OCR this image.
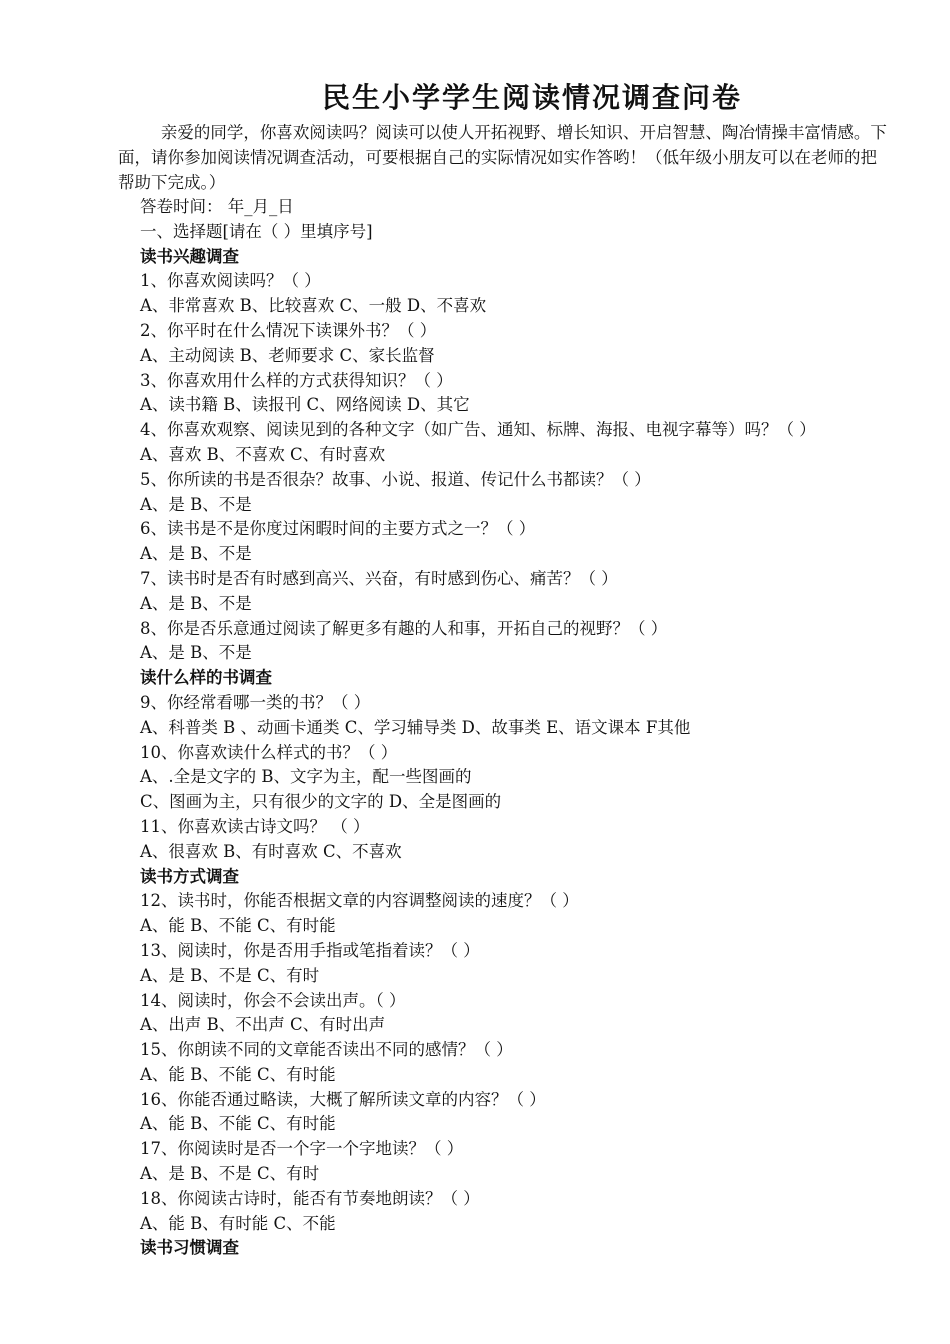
民生小学学生阅读情况调查问卷

亲爱的同学，你喜欢阅读吗？阅读可以使人开拓视野、增长知识、开启智慧、陶冶情操丰富情感。下面，请你参加阅读情况调查活动，可要根据自己的实际情况如实作答哟！（低年级小朋友可以在老师的把帮助下完成。）

答卷时间： 年_月_日
一、选择题[请在（ ）里填序号]
读书兴趣调查
1、你喜欢阅读吗？（ ）
A、非常喜欢 B、比较喜欢 C、一般 D、不喜欢
2、你平时在什么情况下读课外书？（ ）
A、主动阅读 B、老师要求 C、家长监督
3、你喜欢用什么样的方式获得知识？（ ）
A、读书籍 B、读报刊 C、网络阅读 D、其它
4、你喜欢观察、阅读见到的各种文字（如广告、通知、标牌、海报、电视字幕等）吗？（ ）
A、喜欢 B、不喜欢 C、有时喜欢
5、你所读的书是否很杂？故事、小说、报道、传记什么书都读？（ ）
A、是 B、不是
6、读书是不是你度过闲暇时间的主要方式之一？（ ）
A、是 B、不是
7、读书时是否有时感到高兴、兴奋，有时感到伤心、痛苦？（ ）
A、是 B、不是
8、你是否乐意通过阅读了解更多有趣的人和事，开拓自己的视野？（ ）
A、是 B、不是
读什么样的书调查
9、你经常看哪一类的书？（ ）
A、科普类 B 、动画卡通类 C、学习辅导类 D、故事类 E、语文课本 F其他
10、你喜欢读什么样式的书？（ ）
A、.全是文字的 B、文字为主，配一些图画的
C、图画为主，只有很少的文字的 D、全是图画的
11、你喜欢读古诗文吗？ （ ）
A、很喜欢 B、有时喜欢 C、不喜欢
读书方式调查
12、读书时，你能否根据文章的内容调整阅读的速度？（ ）
A、能 B、不能 C、有时能
13、阅读时，你是否用手指或笔指着读？（ ）
A、是 B、不是 C、有时
14、阅读时，你会不会读出声。（ ）
A、出声 B、不出声 C、有时出声
15、你朗读不同的文章能否读出不同的感情？（ ）
A、能 B、不能 C、有时能
16、你能否通过略读，大概了解所读文章的内容？（ ）
A、能 B、不能 C、有时能
17、你阅读时是否一个字一个字地读？（ ）
A、是 B、不是 C、有时
18、你阅读古诗时，能否有节奏地朗读？（ ）
A、能 B、有时能 C、不能
读书习惯调查
